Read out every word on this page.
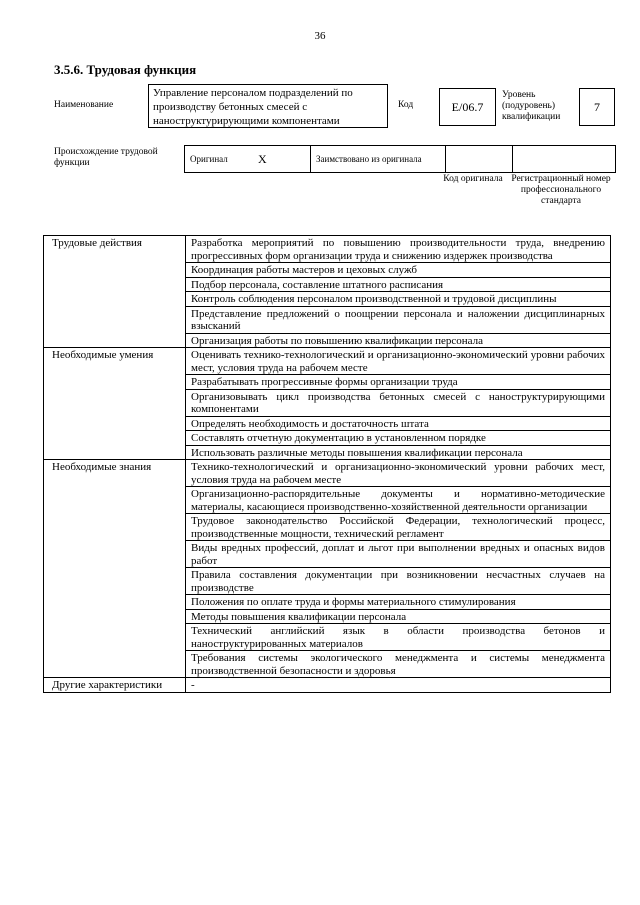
36
3.5.6. Трудовая функция
Наименование
Управление персоналом подразделений по производству бетонных смесей с наноструктурирующими компонентами
Код	E/06.7
Уровень (подуровень) квалификации
7
Происхождение трудовой функции	Оригинал	X	Заимствовано из оригинала		
Код оригинала Регистрационный номер профессионального стандарта
Трудовые действия	Разработка мероприятий по повышению производительности труда, внедрению прогрессивных форм организации труда и снижению издержек производства
	Координация работы мастеров и цеховых служб
	Подбор персонала, составление штатного расписания
	Контроль соблюдения персоналом производственной и трудовой дисциплины
	Представление предложений о поощрении персонала и наложении дисциплинарных взысканий
	Организация работы по повышению квалификации персонала
Необходимые умения	Оценивать технико-технологический и организационно-экономический уровни рабочих мест, условия труда на рабочем месте
	Разрабатывать прогрессивные формы организации труда
	Организовывать цикл производства бетонных смесей с наноструктурирующими компонентами
	Определять необходимость и достаточность штата
	Составлять отчетную документацию в установленном порядке
	Использовать различные методы повышения квалификации персонала
Необходимые знания	Технико-технологический и организационно-экономический уровни рабочих мест, условия труда на рабочем месте
	Организационно-распорядительные документы и нормативно-методические материалы, касающиеся производственно-хозяйственной деятельности организации
	Трудовое законодательство Российской Федерации, технологический процесс, производственные мощности, технический регламент
	Виды вредных профессий, доплат и льгот при выполнении вредных и опасных видов работ
	Правила составления документации при возникновении несчастных случаев на производстве
	Положения по оплате труда и формы материального стимулирования
	Методы повышения квалификации персонала
	Технический английский язык в области производства бетонов и наноструктурированных материалов
	Требования системы экологического менеджмента и системы менеджмента производственной безопасности и здоровья
Другие характеристики	-
